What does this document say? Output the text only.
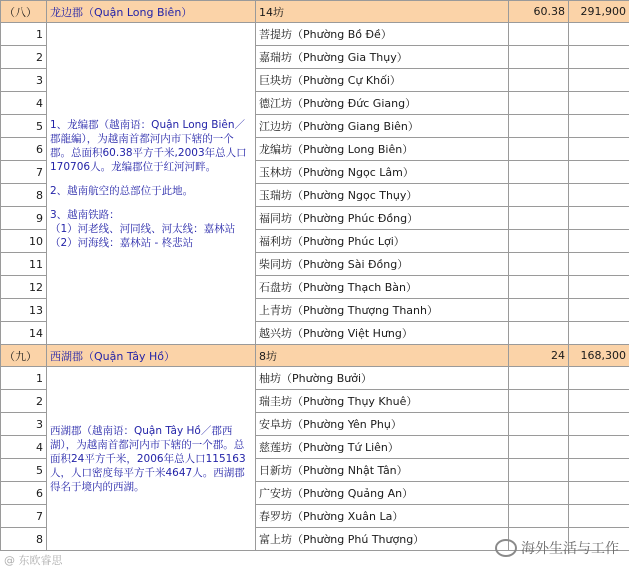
（八）	龙边郡（Quận Long Biên）	14坊	60.38	291,900
1	1、龙编郡（越南语：Quận Long Biên／郡龍編），为越南首都河内市下辖的一个郡。总面积60.38平方千米,2003年总人口170706人。龙编郡位于红河河畔。

2、越南航空的总部位于此地。

3、越南铁路：
（1）河老线、河同线、河太线：嘉林站
（2）河海线：嘉林站 - 柊悲站	菩提坊（Phường Bồ Đề）		
2		嘉瑞坊（Phường Gia Thụy）		
3		巨块坊（Phường Cự Khối）		
4		德江坊（Phường Đức Giang）		
5		江边坊（Phường Giang Biên）		
6		龙编坊（Phường Long Biên）		
7		玉林坊（Phường Ngọc Lâm）		
8		玉瑞坊（Phường Ngọc Thụy）		
9		福同坊（Phường Phúc Đồng）		
10		福利坊（Phường Phúc Lợi）		
11		柴同坊（Phường Sài Đồng）		
12		石盘坊（Phường Thạch Bàn）		
13		上青坊（Phường Thượng Thanh）		
14		越兴坊（Phường Việt Hưng）		
（九）	西湖郡（Quận Tây Hồ）	8坊	24	168,300
1	西湖郡（越南语：Quận Tây Hồ／郡西湖），为越南首都河内市下辖的一个郡。总面积24平方千米，2006年总人口115163人，人口密度每平方千米4647人。西湖郡得名于境内的西湖。	柚坊（Phường Bưởi）		
2		瑞圭坊（Phường Thụy Khuê）		
3		安阜坊（Phường Yên Phụ）		
4		慈莲坊（Phường Tứ Liên）		
5		日新坊（Phường Nhật Tân）		
6		广安坊（Phường Quảng An）		
7		春罗坊（Phường Xuân La）		
8		富上坊（Phường Phú Thượng）		
@ 东欧睿思
海外生活与工作
